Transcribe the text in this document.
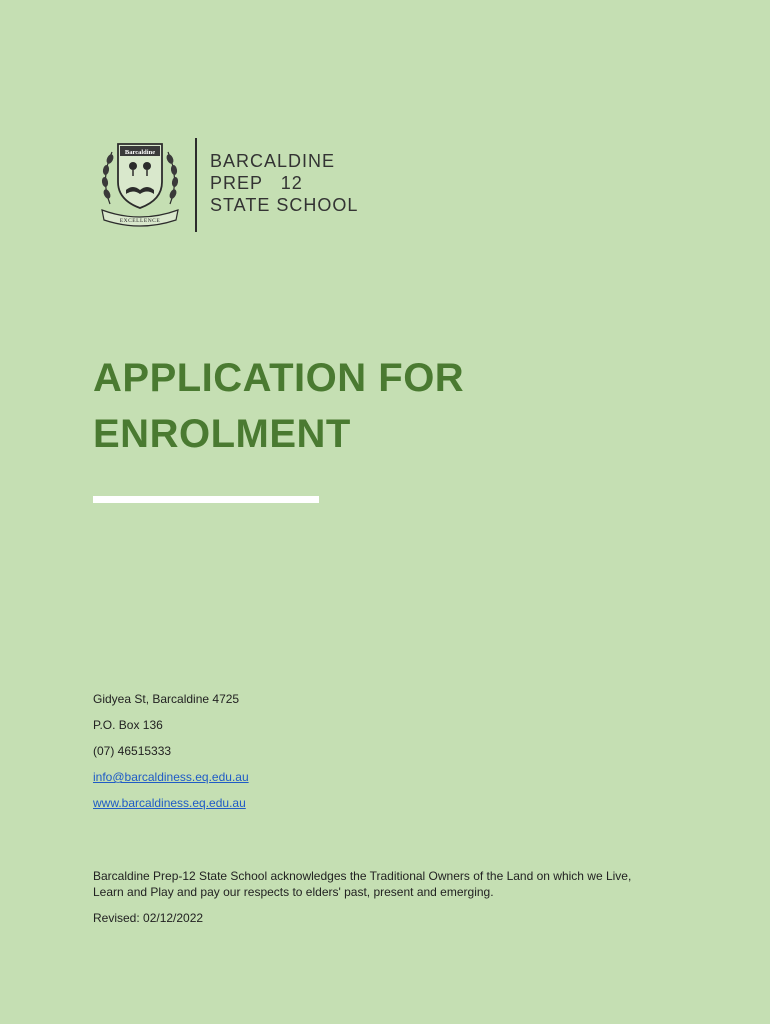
Barcaldine
EXCELLENCE
BARCALDINE
PREP   12
STATE SCHOOL
APPLICATION FOR
ENROLMENT
Gidyea St, Barcaldine 4725
P.O. Box 136
(07) 46515333
info@barcaldiness.eq.edu.au
www.barcaldiness.eq.edu.au
Barcaldine Prep-12 State School acknowledges the Traditional Owners of the Land on which we Live, Learn and Play and pay our respects to elders' past, present and emerging.
Revised: 02/12/2022
